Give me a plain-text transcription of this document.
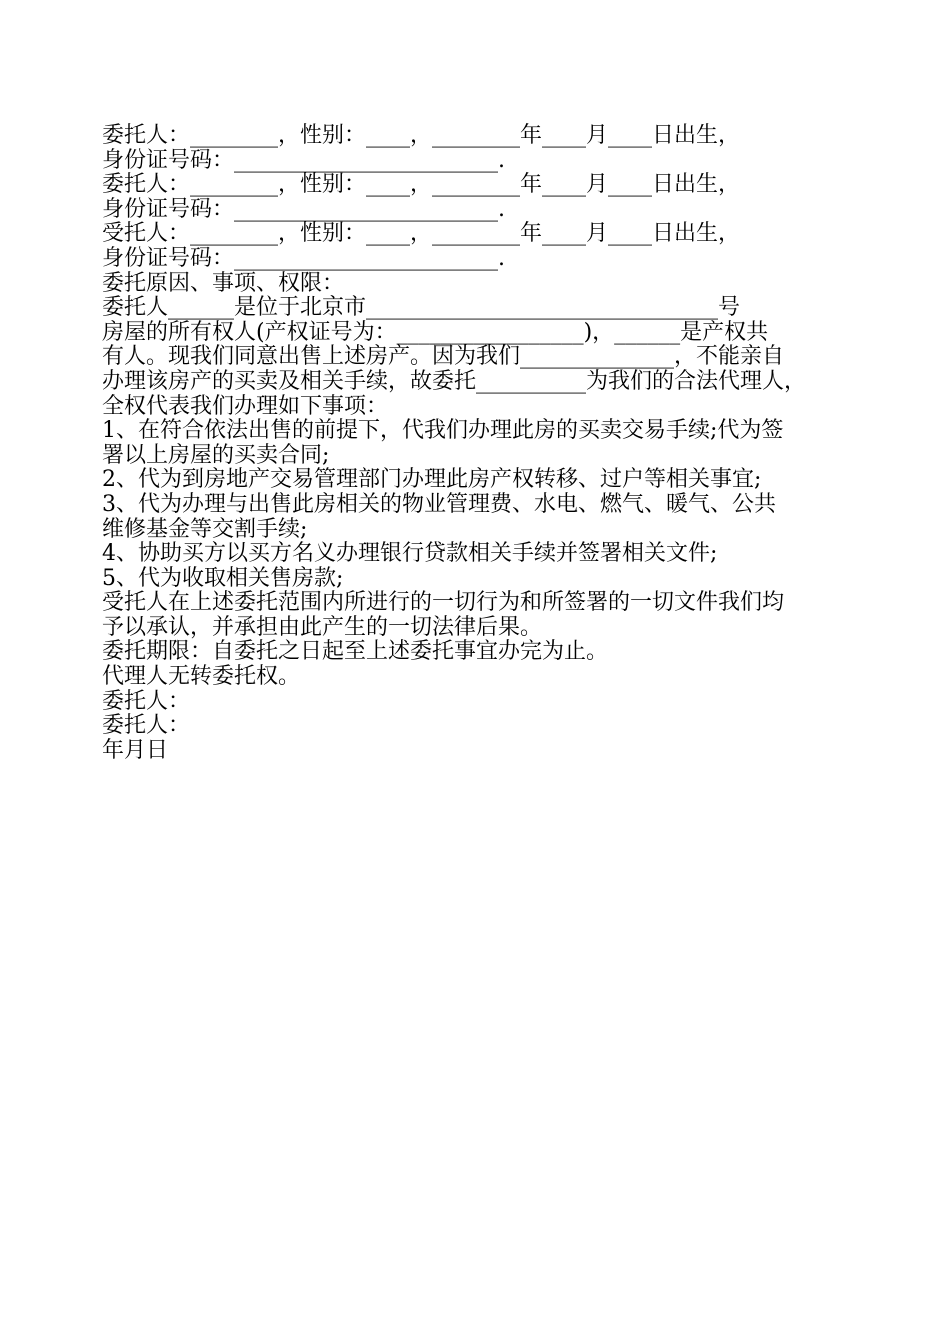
委托人：________，性别：____，________年____月____日出生，
身份证号码：________________________.
委托人：________，性别：____，________年____月____日出生，
身份证号码：________________________.
受托人：________，性别：____，________年____月____日出生，
身份证号码：________________________.
委托原因、事项、权限：
委托人______是位于北京市________________________________号
房屋的所有权人(产权证号为：_________________)，______是产权共
有人。现我们同意出售上述房产。因为我们______________，不能亲自
办理该房产的买卖及相关手续，故委托__________为我们的合法代理人，
全权代表我们办理如下事项：
1、在符合依法出售的前提下，代我们办理此房的买卖交易手续;代为签
署以上房屋的买卖合同;
2、代为到房地产交易管理部门办理此房产权转移、过户等相关事宜;
3、代为办理与出售此房相关的物业管理费、水电、燃气、暖气、公共
维修基金等交割手续;
4、协助买方以买方名义办理银行贷款相关手续并签署相关文件;
5、代为收取相关售房款;
受托人在上述委托范围内所进行的一切行为和所签署的一切文件我们均
予以承认，并承担由此产生的一切法律后果。
委托期限：自委托之日起至上述委托事宜办完为止。
代理人无转委托权。
委托人：
委托人：
年月日
